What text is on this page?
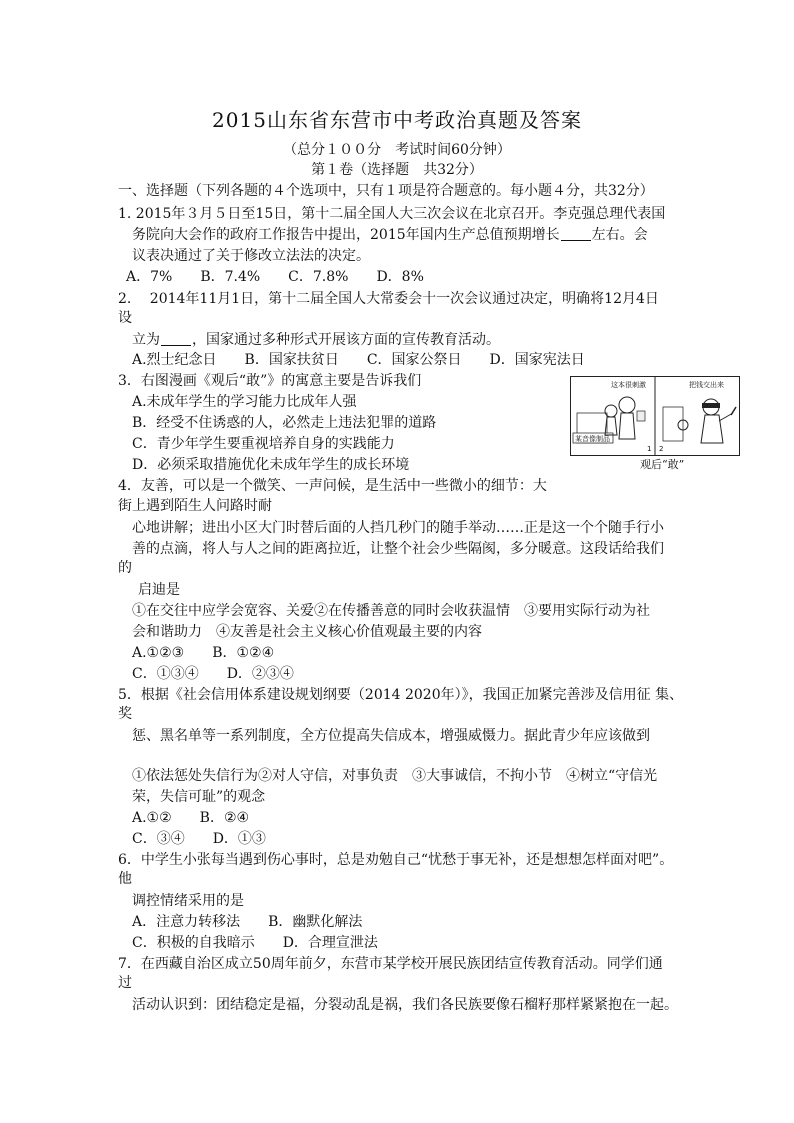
2015山东省东营市中考政治真题及答案
（总分１００分　考试时间60分钟）
第１卷（选择题　共32分）
一、选择题（下列各题的４个选项中，只有１项是符合题意的。每小题４分，共32分）
1. 2015年３月５日至15日，第十二届全国人大三次会议在北京召开。李克强总理代表国
务院向大会作的政府工作报告中提出，2015年国内生产总值预期增长 左右。会
议表决通过了关于修改立法法的决定。
A．7%　　B．7.4%　　C．7.8%　　D．8%
2.　 2014年11月1日，第十二届全国人大常委会十一次会议通过决定，明确将12月4日
设
立为 ，国家通过多种形式开展该方面的宣传教育活动。
A.烈士纪念日　　B．国家扶贫日　　C．国家公祭日　　D．国家宪法日
3．右图漫画《观后“敢”》的寓意主要是告诉我们
A.未成年学生的学习能力比成年人强
B．经受不住诱惑的人，必然走上违法犯罪的道路
C．青少年学生要重视培养自身的实践能力
D．必须采取措施优化未成年学生的成长环境
这本很刺激
某音像制品
1
把钱交出来
2
观后“敢”
4．友善，可以是一个微笑、一声问候，是生活中一些微小的细节：大
街上遇到陌生人问路时耐
心地讲解；进出小区大门时替后面的人挡几秒门的随手举动……正是这一个个随手行小
善的点滴，将人与人之间的距离拉近，让整个社会少些隔阂，多分暖意。这段话给我们
的
启迪是
①在交往中应学会宽容、关爱②在传播善意的同时会收获温情　③要用实际行动为社
会和谐助力　④友善是社会主义核心价值观最主要的内容
A.①②③　　B．①②④
C．①③④　　D．②③④
5．根据《社会信用体系建设规划纲要（2014 2020年）》，我国正加紧完善涉及信用征 集、
奖
惩、黑名单等一系列制度，全方位提高失信成本，增强威慑力。据此青少年应该做到
①依法惩处失信行为②对人守信，对事负责　③大事诚信，不拘小节　④树立“守信光
荣，失信可耻”的观念
A.①②　　B．②④
C．③④　　D．①③
6．中学生小张每当遇到伤心事时，总是劝勉自己“忧愁于事无补，还是想想怎样面对吧”。
他
调控情绪采用的是
A．注意力转移法　　B．幽默化解法
C．积极的自我暗示　　D．合理宣泄法
7．在西藏自治区成立50周年前夕，东营市某学校开展民族团结宣传教育活动。同学们通
过
活动认识到：团结稳定是福，分裂动乱是祸，我们各民族要像石榴籽那样紧紧抱在一起。
